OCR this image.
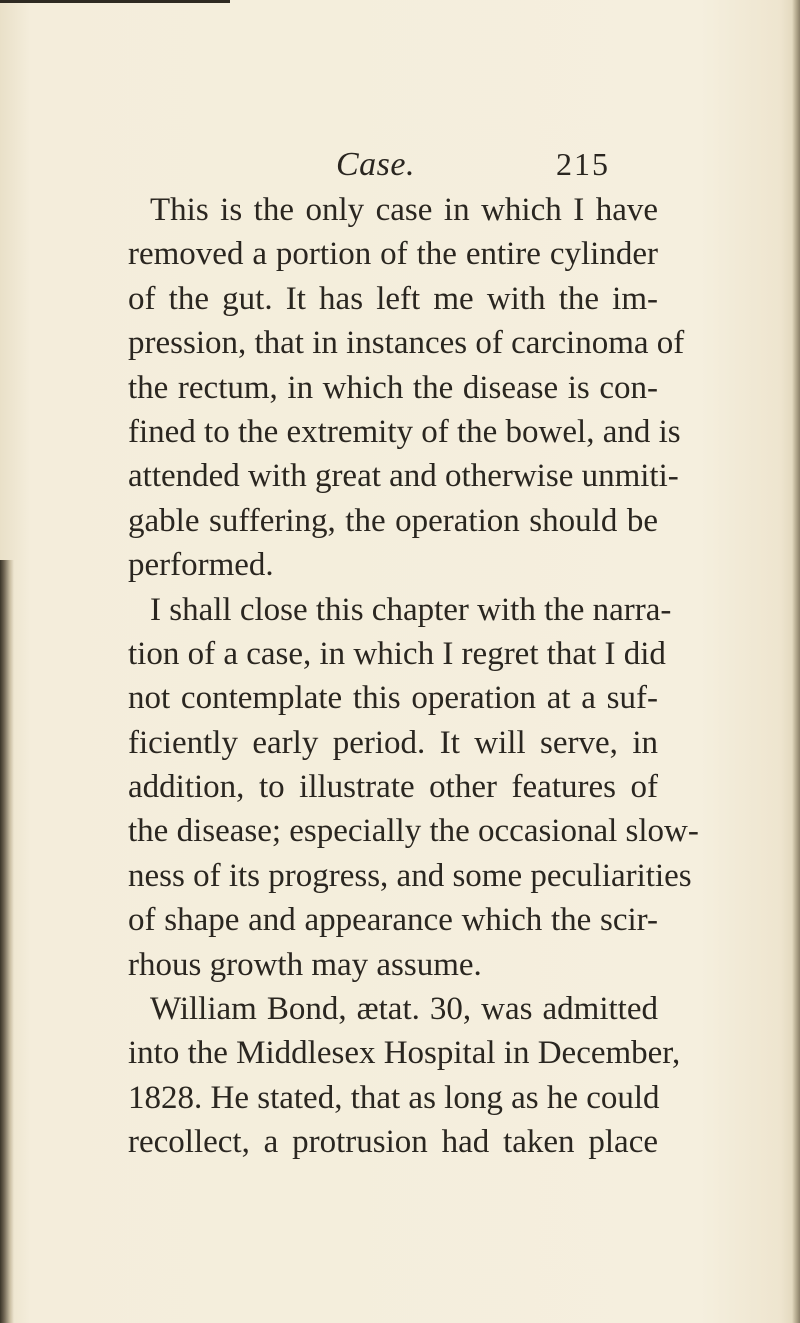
Case.	215
This is the only case in which I have
removed a portion of the entire cylinder
of the gut. It has left me with the im-
pression, that in instances of carcinoma of
the rectum, in which the disease is con-
fined to the extremity of the bowel, and is
attended with great and otherwise unmiti-
gable suffering, the operation should be
performed.
I shall close this chapter with the narra-
tion of a case, in which I regret that I did
not contemplate this operation at a suf-
ficiently early period. It will serve, in
addition, to illustrate other features of
the disease; especially the occasional slow-
ness of its progress, and some peculiarities
of shape and appearance which the scir-
rhous growth may assume.
William Bond, ætat. 30, was admitted
into the Middlesex Hospital in December,
1828. He stated, that as long as he could
recollect, a protrusion had taken place
